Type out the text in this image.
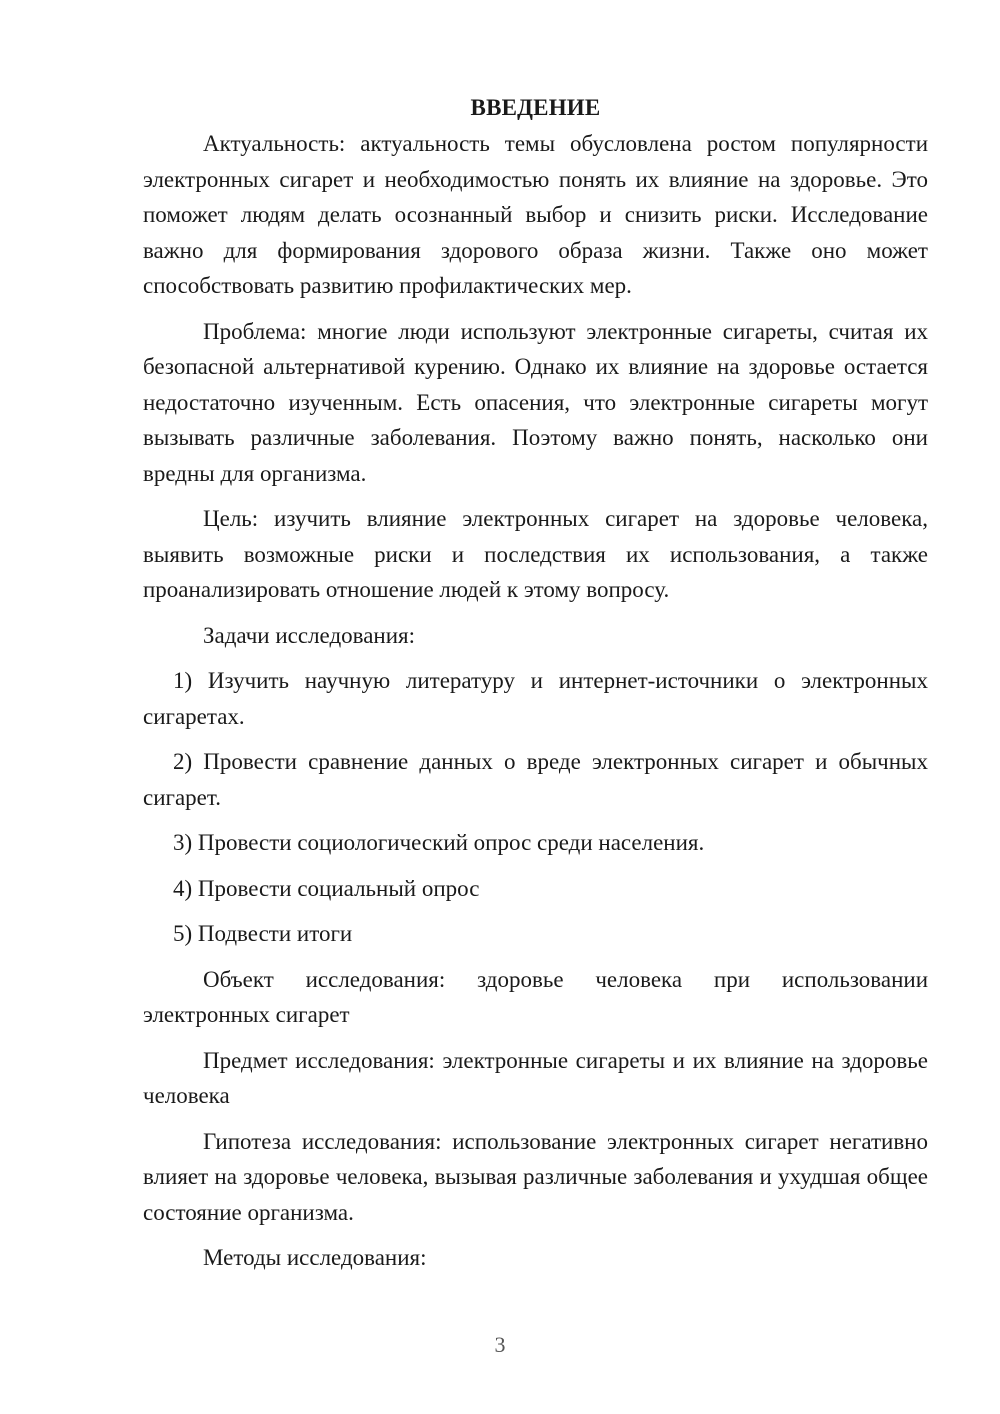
ВВЕДЕНИЕ

Актуальность: актуальность темы обусловлена ростом популярности электронных сигарет и необходимостью понять их влияние на здоровье. Это поможет людям делать осознанный выбор и снизить риски. Исследование важно для формирования здорового образа жизни. Также оно может способствовать развитию профилактических мер.

Проблема: многие люди используют электронные сигареты, считая их безопасной альтернативой курению. Однако их влияние на здоровье остается недостаточно изученным. Есть опасения, что электронные сигареты могут вызывать различные заболевания. Поэтому важно понять, насколько они вредны для организма.

Цель: изучить влияние электронных сигарет на здоровье человека, выявить возможные риски и последствия их использования, а также проанализировать отношение людей к этому вопросу.

Задачи исследования:

1) Изучить научную литературу и интернет-источники о электронных сигаретах.

2) Провести сравнение данных о вреде электронных сигарет и обычных сигарет.

3) Провести социологический опрос среди населения.

4) Провести социальный опрос

5) Подвести итоги

Объект исследования: здоровье человека при использовании электронных сигарет

Предмет исследования: электронные сигареты и их влияние на здоровье человека

Гипотеза исследования: использование электронных сигарет негативно влияет на здоровье человека, вызывая различные заболевания и ухудшая общее состояние организма.

Методы исследования:

3
